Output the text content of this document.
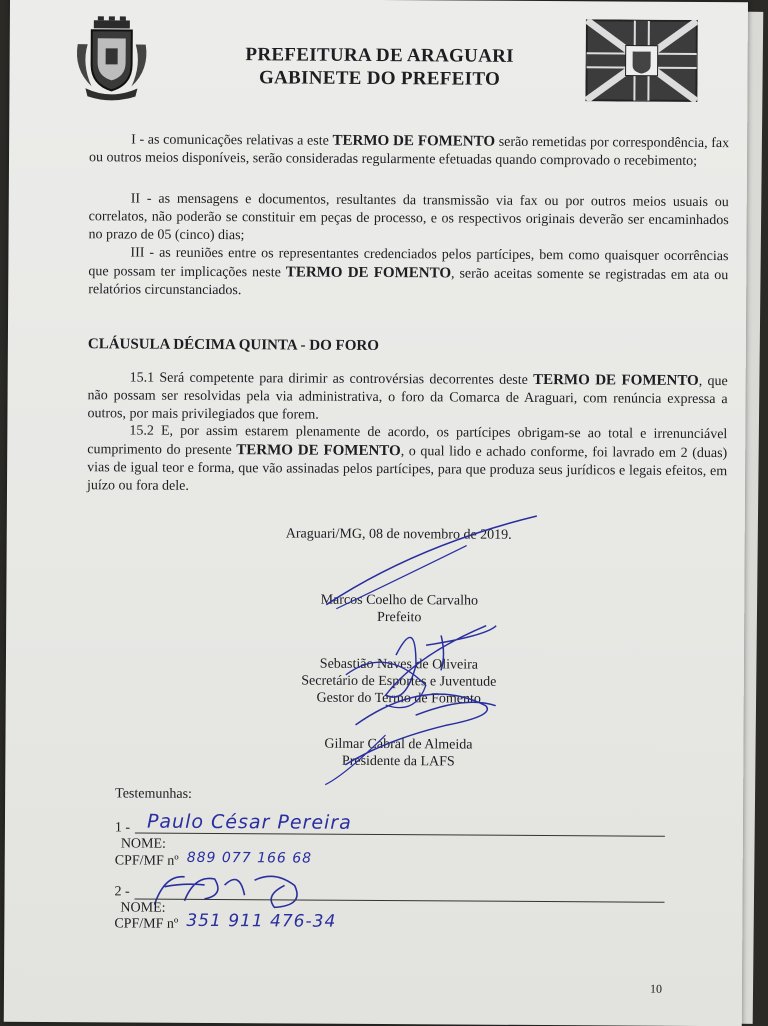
PREFEITURA DE ARAGUARI
GABINETE DO PREFEITO
I - as comunicações relativas a este TERMO DE FOMENTO serão remetidas por correspondência, fax ou outros meios disponíveis, serão consideradas regularmente efetuadas quando comprovado o recebimento;
II - as mensagens e documentos, resultantes da transmissão via fax ou por outros meios usuais ou correlatos, não poderão se constituir em peças de processo, e os respectivos originais deverão ser encaminhados no prazo de 05 (cinco) dias;
III - as reuniões entre os representantes credenciados pelos partícipes, bem como quaisquer ocorrências que possam ter implicações neste TERMO DE FOMENTO, serão aceitas somente se registradas em ata ou relatórios circunstanciados.
CLÁUSULA DÉCIMA QUINTA - DO FORO
15.1 Será competente para dirimir as controvérsias decorrentes deste TERMO DE FOMENTO, que não possam ser resolvidas pela via administrativa, o foro da Comarca de Araguari, com renúncia expressa a outros, por mais privilegiados que forem.
15.2 E, por assim estarem plenamente de acordo, os partícipes obrigam-se ao total e irrenunciável cumprimento do presente TERMO DE FOMENTO, o qual lido e achado conforme, foi lavrado em 2 (duas) vias de igual teor e forma, que vão assinadas pelos partícipes, para que produza seus jurídicos e legais efeitos, em juízo ou fora dele.
Araguari/MG, 08 de novembro de 2019.
Marcos Coelho de Carvalho
Prefeito
Sebastião Naves de Oliveira
Secretário de Esportes e Juventude
Gestor do Termo de Fomento
Gilmar Cabral de Almeida
Presidente da LAFS
Testemunhas:
1 - Paulo César Pereira
NOME:
CPF/MF nº 889 077 166 68
2 -
NOME:
CPF/MF nº 351 911 476-34
10
